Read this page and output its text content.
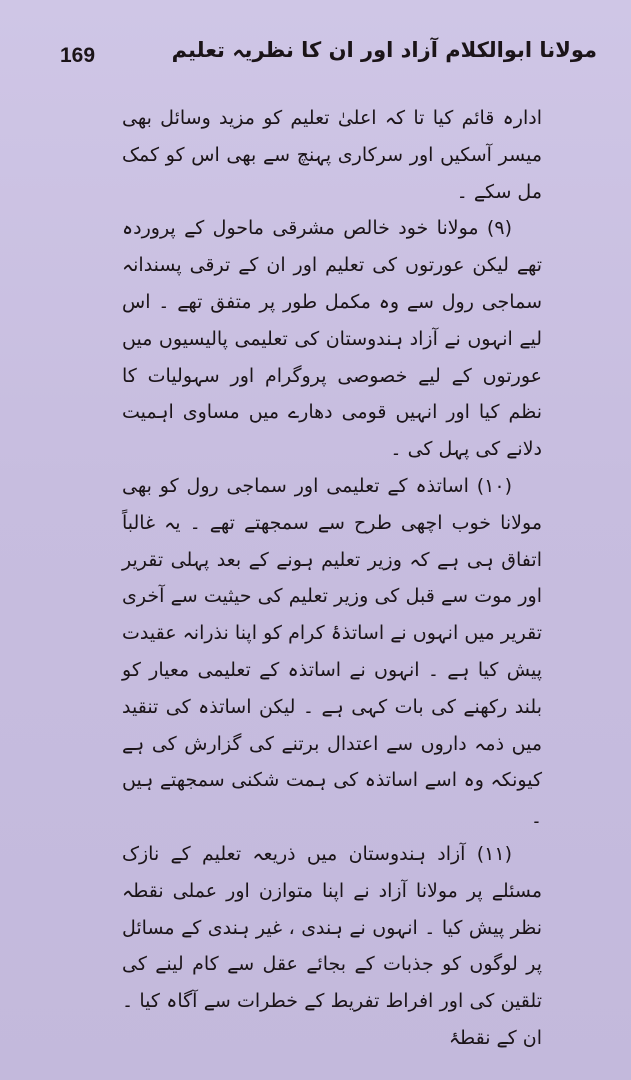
مولانا ابوالکلام آزاد اور ان کا نظریہ تعلیم
169

ادارہ قائم کیا تا کہ اعلیٰ تعلیم کو مزید وسائل بھی میسر آسکیں اور سرکاری پہنچ سے بھی اس کو کمک مل سکے ۔

(۹) مولانا خود خالص مشرقی ماحول کے پروردہ تھے لیکن عورتوں کی تعلیم اور ان کے ترقی پسندانہ سماجی رول سے وہ مکمل طور پر متفق تھے ۔ اس لیے انہوں نے آزاد ہندوستان کی تعلیمی پالیسیوں میں عورتوں کے لیے خصوصی پروگرام اور سہولیات کا نظم کیا اور انہیں قومی دھارے میں مساوی اہمیت دلانے کی پہل کی ۔

(۱۰) اساتذہ کے تعلیمی اور سماجی رول کو بھی مولانا خوب اچھی طرح سے سمجھتے تھے ۔ یہ غالباً اتفاق ہی ہے کہ وزیر تعلیم ہونے کے بعد پہلی تقریر اور موت سے قبل کی وزیر تعلیم کی حیثیت سے آخری تقریر میں انہوں نے اساتذۂ کرام کو اپنا نذرانہ عقیدت پیش کیا ہے ۔ انہوں نے اساتذہ کے تعلیمی معیار کو بلند رکھنے کی بات کہی ہے ۔ لیکن اساتذہ کی تنقید میں ذمہ داروں سے اعتدال برتنے کی گزارش کی ہے کیونکہ وہ اسے اساتذہ کی ہمت شکنی سمجھتے ہیں ۔

(۱۱) آزاد ہندوستان میں ذریعہ تعلیم کے نازک مسئلے پر مولانا آزاد نے اپنا متوازن اور عملی نقطہ نظر پیش کیا ۔ انہوں نے ہندی ، غیر ہندی کے مسائل پر لوگوں کو جذبات کے بجائے عقل سے کام لینے کی تلقین کی اور افراط تفریط کے خطرات سے آگاہ کیا ۔ ان کے نقطۂ
